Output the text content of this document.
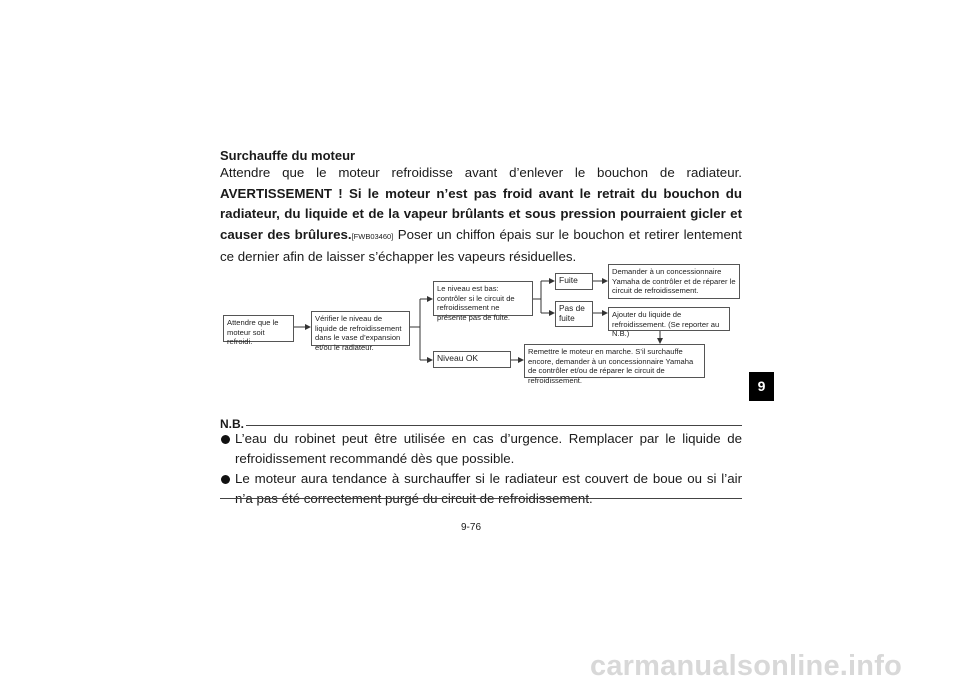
Surchauffe du moteur
Attendre que le moteur refroidisse avant d’enlever le bouchon de radiateur. AVERTISSEMENT ! Si le moteur n’est pas froid avant le retrait du bouchon du radiateur, du liquide et de la vapeur brûlants et sous pression pourraient gicler et causer des brûlures.[FWB03460] Poser un chiffon épais sur le bouchon et retirer lentement ce dernier afin de laisser s’échapper les vapeurs résiduelles.
9
Attendre que le moteur soit refroidi.
Vérifier le niveau de liquide de refroidissement dans le vase d’expansion et/ou le radiateur.
Le niveau est bas: contrôler si le circuit de refroidissement ne présente pas de fuite.
Niveau OK
Fuite
Pas de fuite
Demander à un concessionnaire Yamaha de contrôler et de réparer le circuit de refroidissement.
Ajouter du liquide de refroidissement. (Se reporter au N.B.)
Remettre le moteur en marche. S’il surchauffe encore, demander à un concessionnaire Yamaha de contrôler et/ou de réparer le circuit de refroidissement.
N.B.
L’eau du robinet peut être utilisée en cas d’urgence. Remplacer par le liquide de refroidissement recommandé dès que possible.
Le moteur aura tendance à surchauffer si le radiateur est couvert de boue ou si l’air n’a pas été correctement purgé du circuit de refroidissement.
9-76
carmanualsonline.info
